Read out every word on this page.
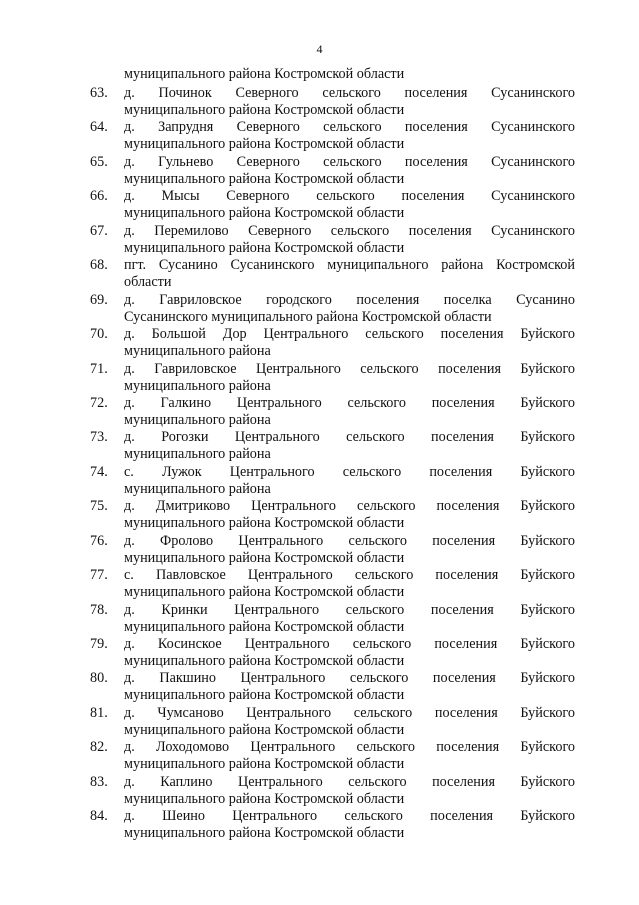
4
муниципального района Костромской области
63.	д. Починок Северного сельского поселения Сусанинского
муниципального района Костромской области
64.	д. Запрудня Северного сельского поселения Сусанинского
муниципального района Костромской области
65.	д. Гульнево Северного сельского поселения Сусанинского
муниципального района Костромской области
66.	д. Мысы Северного сельского поселения Сусанинского
муниципального района Костромской области
67.	д. Перемилово Северного сельского поселения Сусанинского
муниципального района Костромской области
68.	пгт. Сусанино Сусанинского муниципального района Костромской
области
69.	д. Гавриловское городского поселения поселка Сусанино
Сусанинского муниципального района Костромской области
70.	д. Большой Дор Центрального сельского поселения Буйского
муниципального района
71.	д. Гавриловское Центрального сельского поселения Буйского
муниципального района
72.	д. Галкино Центрального сельского поселения Буйского
муниципального района
73.	д. Рогозки Центрального сельского поселения Буйского
муниципального района
74.	с. Лужок Центрального сельского поселения Буйского
муниципального района
75.	д. Дмитриково Центрального сельского поселения Буйского
муниципального района Костромской области
76.	д. Фролово Центрального сельского поселения Буйского
муниципального района Костромской области
77.	с. Павловское Центрального сельского поселения Буйского
муниципального района Костромской области
78.	д. Кринки Центрального сельского поселения Буйского
муниципального района Костромской области
79.	д. Косинское Центрального сельского поселения Буйского
муниципального района Костромской области
80.	д. Пакшино Центрального сельского поселения Буйского
муниципального района Костромской области
81.	д. Чумсаново Центрального сельского поселения Буйского
муниципального района Костромской области
82.	д. Лоходомово Центрального сельского поселения Буйского
муниципального района Костромской области
83.	д. Каплино Центрального сельского поселения Буйского
муниципального района Костромской области
84.	д. Шеино Центрального сельского поселения Буйского
муниципального района Костромской области
